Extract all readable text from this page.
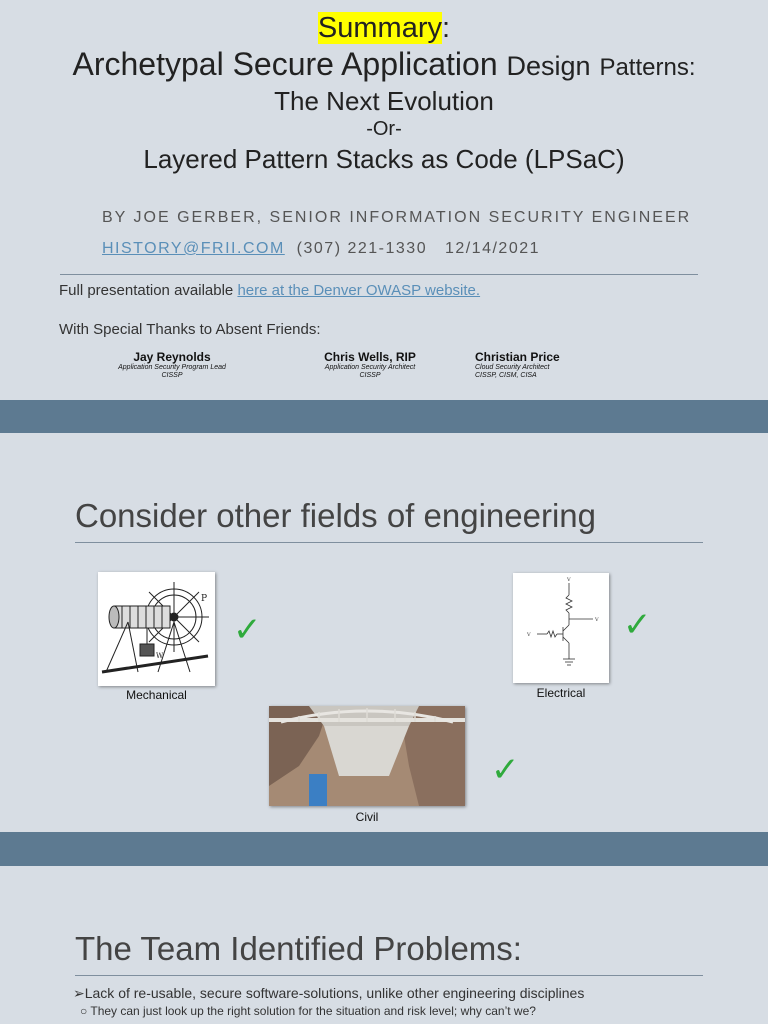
Summary:
Archetypal Secure Application Design Patterns:
The Next Evolution
-Or-
Layered Pattern Stacks as Code (LPSaC)
BY JOE GERBER, SENIOR INFORMATION SECURITY ENGINEER
HISTORY@FRII.COM (307) 221-1330 12/14/2021
Full presentation available here at the Denver OWASP website.
With Special Thanks to Absent Friends:
Jay Reynolds
Application Security Program Lead
CISSP
Chris Wells, RIP
Application Security Architect
CISSP
Christian Price
Cloud Security Architect
CISSP, CISM, CISA
Consider other fields of engineering
P
W
Mechanical
✓
V
V
V
Electrical
✓
Civil
✓
The Team Identified Problems:
➢Lack of re-usable, secure software-solutions, unlike other engineering disciplines
○ They can just look up the right solution for the situation and risk level; why can’t we?
